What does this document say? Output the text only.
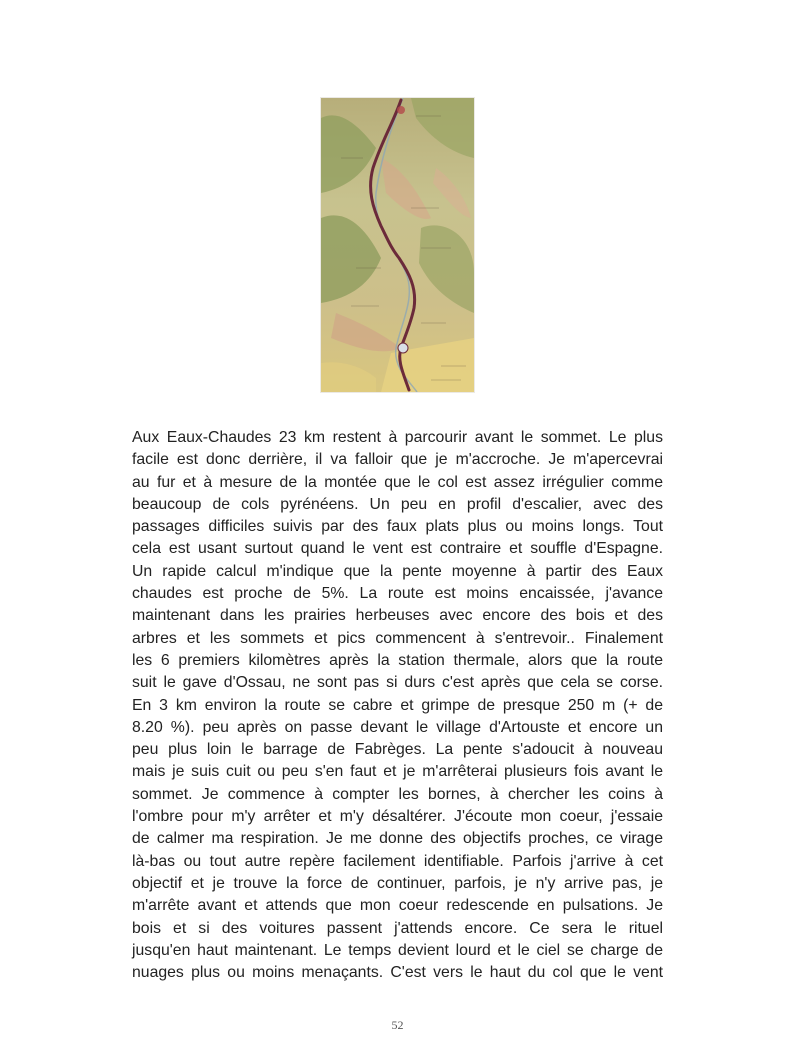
Aux Eaux-Chaudes 23 km restent à parcourir avant le sommet. Le plus
facile est donc derrière, il va falloir que je m'accroche. Je m'apercevrai
au fur et à mesure de la montée que le col est assez irrégulier comme
beaucoup de cols pyrénéens. Un peu en profil d'escalier, avec des
passages difficiles suivis par des faux plats plus ou moins longs. Tout
cela est usant surtout quand le vent est contraire et souffle d'Espagne.
Un rapide calcul m'indique que la pente moyenne à partir des Eaux
chaudes est proche de 5%. La route est moins encaissée, j'avance
maintenant dans les prairies herbeuses avec encore des bois et des
arbres et les sommets et pics commencent à s'entrevoir.. Finalement
les 6 premiers kilomètres après la station thermale, alors que la route
suit le gave d'Ossau, ne sont pas si durs c'est après que cela se corse.
En 3 km environ la route se cabre et grimpe de presque 250 m (+ de
8.20 %). peu après on passe devant le village d'Artouste et encore un
peu plus loin le barrage de Fabrèges. La pente s'adoucit à nouveau
mais je suis cuit ou peu s'en faut et je m'arrêterai plusieurs fois avant le
sommet. Je commence à compter les bornes, à chercher les coins à
l'ombre pour m'y arrêter et m'y désaltérer. J'écoute mon coeur, j'essaie
de calmer ma respiration. Je me donne des objectifs proches, ce virage
là-bas ou tout autre repère facilement identifiable. Parfois j'arrive à cet
objectif et je trouve la force de continuer, parfois, je n'y arrive pas, je
m'arrête avant et attends que mon coeur redescende en pulsations. Je
bois et si des voitures passent j'attends encore. Ce sera le rituel
jusqu'en haut maintenant. Le temps devient lourd et le ciel se charge de
nuages plus ou moins menaçants. C'est vers le haut du col que le vent
52
